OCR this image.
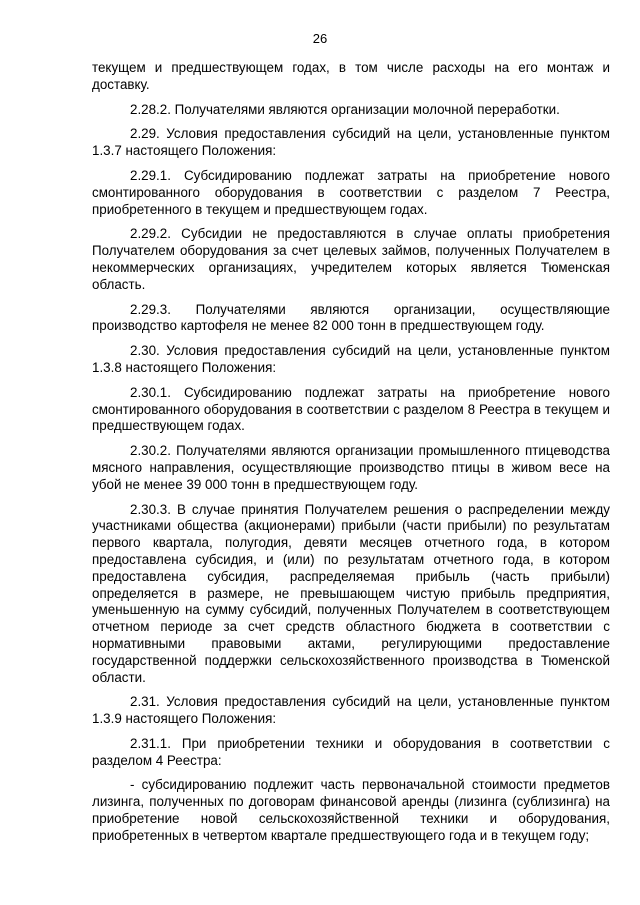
26

текущем и предшествующем годах, в том числе расходы на его монтаж и доставку.

2.28.2. Получателями являются организации молочной переработки.

2.29. Условия предоставления субсидий на цели, установленные пунктом 1.3.7 настоящего Положения:

2.29.1. Субсидированию подлежат затраты на приобретение нового смонтированного оборудования в соответствии с разделом 7 Реестра, приобретенного в текущем и предшествующем годах.

2.29.2. Субсидии не предоставляются в случае оплаты приобретения Получателем оборудования за счет целевых займов, полученных Получателем в некоммерческих организациях, учредителем которых является Тюменская область.

2.29.3. Получателями являются организации, осуществляющие производство картофеля не менее 82 000 тонн в предшествующем году.

2.30. Условия предоставления субсидий на цели, установленные пунктом 1.3.8 настоящего Положения:

2.30.1. Субсидированию подлежат затраты на приобретение нового смонтированного оборудования в соответствии с разделом 8 Реестра в текущем и предшествующем годах.

2.30.2. Получателями являются организации промышленного птицеводства мясного направления, осуществляющие производство птицы в живом весе на убой не менее 39 000 тонн в предшествующем году.

2.30.3. В случае принятия Получателем решения о распределении между участниками общества (акционерами) прибыли (части прибыли) по результатам первого квартала, полугодия, девяти месяцев отчетного года, в котором предоставлена субсидия, и (или) по результатам отчетного года, в котором предоставлена субсидия, распределяемая прибыль (часть прибыли) определяется в размере, не превышающем чистую прибыль предприятия, уменьшенную на сумму субсидий, полученных Получателем в соответствующем отчетном периоде за счет средств областного бюджета в соответствии с нормативными правовыми актами, регулирующими предоставление государственной поддержки сельскохозяйственного производства в Тюменской области.

2.31. Условия предоставления субсидий на цели, установленные пунктом 1.3.9 настоящего Положения:

2.31.1. При приобретении техники и оборудования в соответствии с разделом 4 Реестра:

- субсидированию подлежит часть первоначальной стоимости предметов лизинга, полученных по договорам финансовой аренды (лизинга (сублизинга) на приобретение новой сельскохозяйственной техники и оборудования, приобретенных в четвертом квартале предшествующего года и в текущем году;
